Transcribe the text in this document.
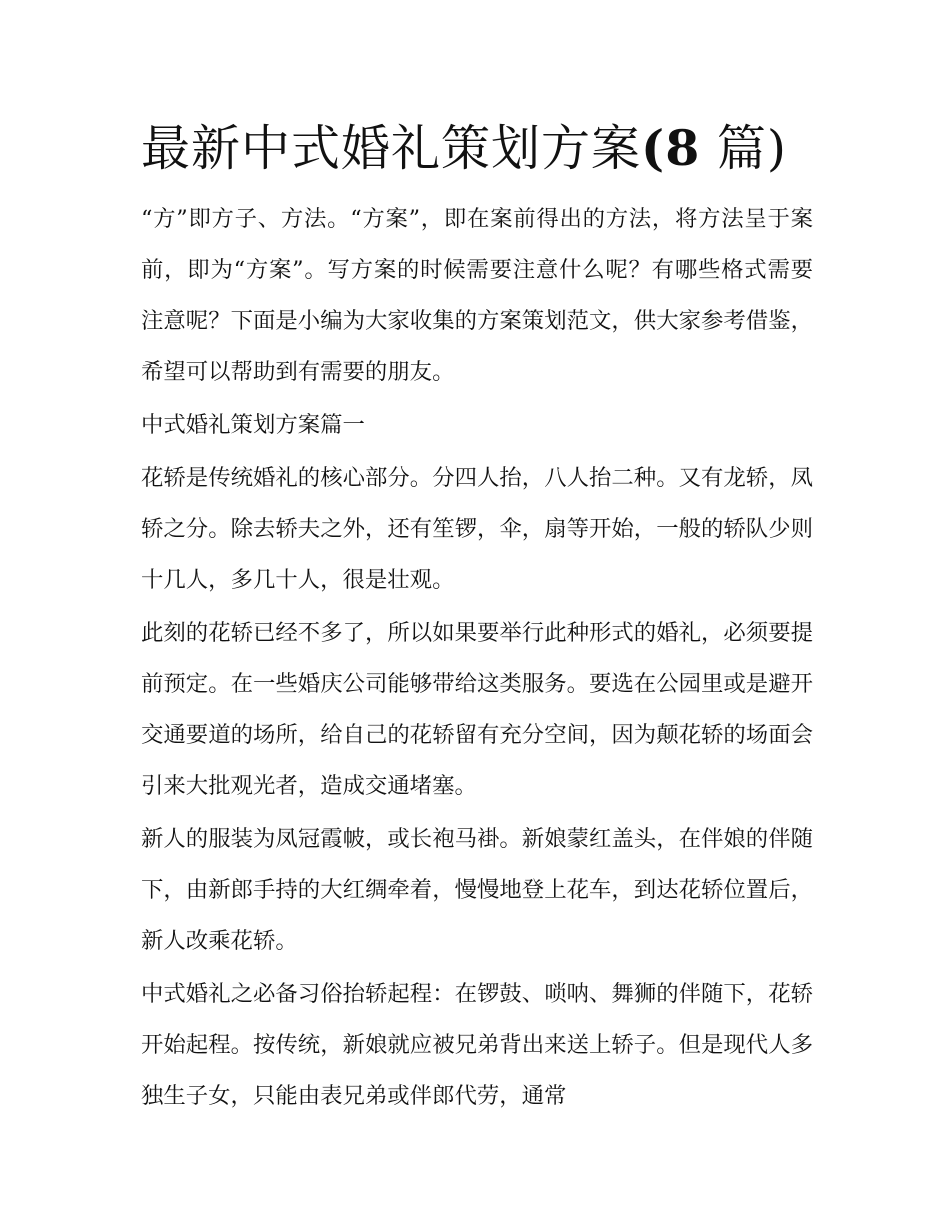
最新中式婚礼策划方案(8 篇)

“方”即方子、方法。“方案”，即在案前得出的方法，将方法呈于案前，即为“方案”。写方案的时候需要注意什么呢？有哪些格式需要注意呢？下面是小编为大家收集的方案策划范文，供大家参考借鉴，希望可以帮助到有需要的朋友。

中式婚礼策划方案篇一

花轿是传统婚礼的核心部分。分四人抬，八人抬二种。又有龙轿，凤轿之分。除去轿夫之外，还有笙锣，伞，扇等开始，一般的轿队少则十几人，多几十人，很是壮观。

此刻的花轿已经不多了，所以如果要举行此种形式的婚礼，必须要提前预定。在一些婚庆公司能够带给这类服务。要选在公园里或是避开交通要道的场所，给自己的花轿留有充分空间，因为颠花轿的场面会引来大批观光者，造成交通堵塞。

新人的服装为凤冠霞帔，或长袍马褂。新娘蒙红盖头，在伴娘的伴随下，由新郎手持的大红绸牵着，慢慢地登上花车，到达花轿位置后，新人改乘花轿。

中式婚礼之必备习俗抬轿起程：在锣鼓、唢呐、舞狮的伴随下，花轿开始起程。按传统，新娘就应被兄弟背出来送上轿子。但是现代人多独生子女，只能由表兄弟或伴郎代劳，通常
